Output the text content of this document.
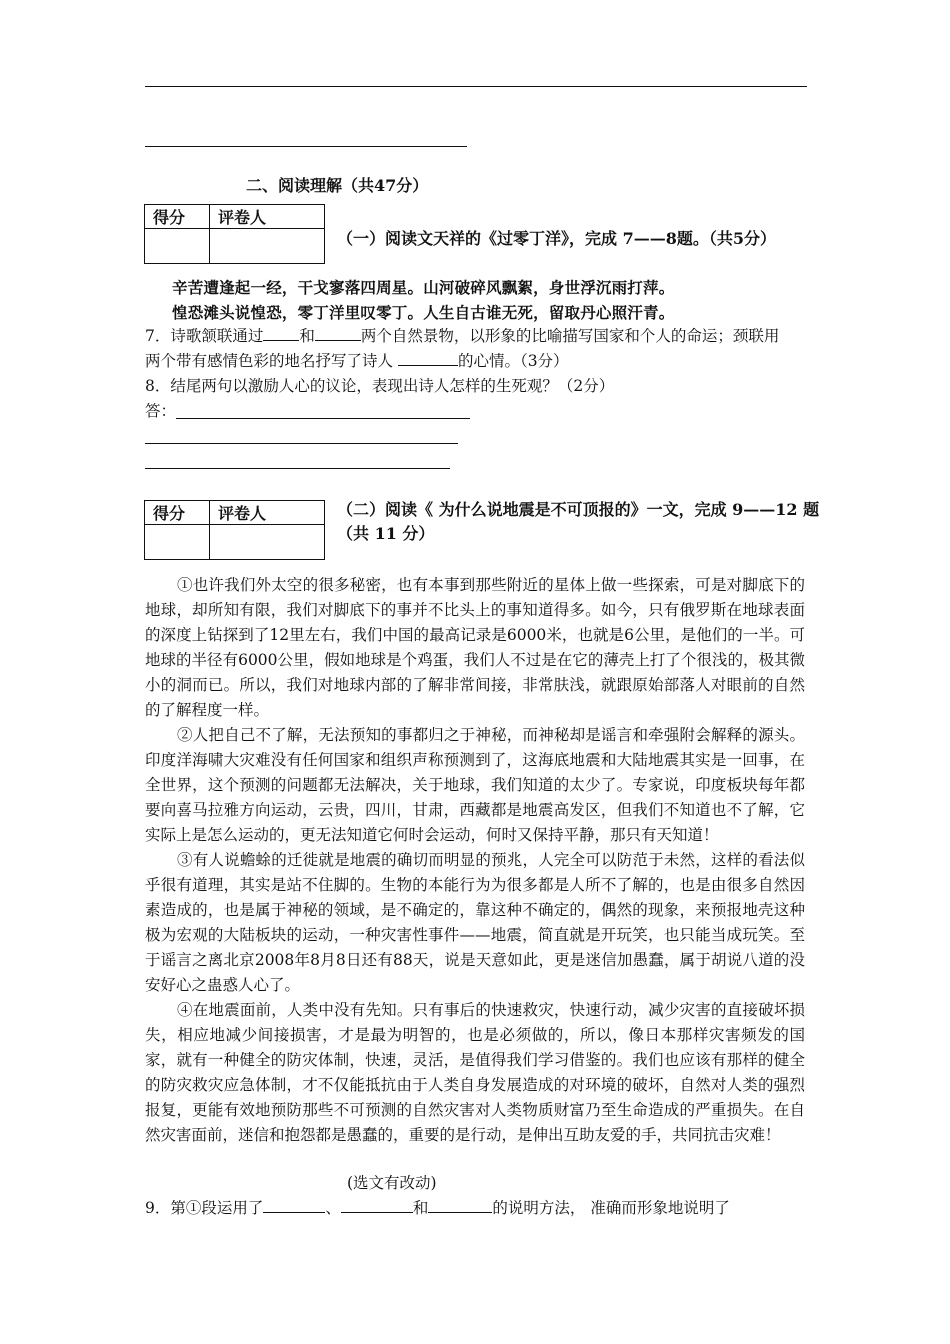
二、阅读理解（共47分）
得分	评卷人

（一）阅读文天祥的《过零丁洋》，完成 7——8题。（共5分）
辛苦遭逢起一经，干戈寥落四周星。山河破碎风飘絮，身世浮沉雨打萍。
惶恐滩头说惶恐，零丁洋里叹零丁。人生自古谁无死，留取丹心照汗青。
7．诗歌颔联通过 和	两个自然景物，以形象的比喻描写国家和个人的命运；颈联用
两个带有感情色彩的地名抒写了诗人	的心情。（3分）
8．结尾两句以激励人心的议论，表现出诗人怎样的生死观？（2分）
答：
得分	评卷人
		（二）阅读《 为什么说地震是不可顶报的》一文，完成 9——12 题
（共 11 分）

①也许我们外太空的很多秘密，也有本事到那些附近的星体上做一些探索，可是对脚底下的地球，却所知有限，我们对脚底下的事并不比头上的事知道得多。如今，只有俄罗斯在地球表面的深度上钻探到了12里左右，我们中国的最高记录是6000米，也就是6公里，是他们的一半。可地球的半径有6000公里，假如地球是个鸡蛋，我们人不过是在它的薄壳上打了个很浅的，极其微小的洞而已。所以，我们对地球内部的了解非常间接，非常肤浅，就跟原始部落人对眼前的自然的了解程度一样。

②人把自己不了解，无法预知的事都归之于神秘，而神秘却是谣言和牵强附会解释的源头。印度洋海啸大灾难没有任何国家和组织声称预测到了，这海底地震和大陆地震其实是一回事，在全世界，这个预测的问题都无法解决，关于地球，我们知道的太少了。专家说，印度板块每年都要向喜马拉雅方向运动，云贵，四川，甘肃，西藏都是地震高发区，但我们不知道也不了解，它实际上是怎么运动的，更无法知道它何时会运动，何时又保持平静，那只有天知道！

③有人说蟾蜍的迁徙就是地震的确切而明显的预兆，人完全可以防范于未然，这样的看法似乎很有道理，其实是站不住脚的。生物的本能行为为很多都是人所不了解的，也是由很多自然因素造成的，也是属于神秘的领域，是不确定的，靠这种不确定的，偶然的现象，来预报地壳这种极为宏观的大陆板块的运动，一种灾害性事件——地震，简直就是开玩笑，也只能当成玩笑。至于谣言之离北京2008年8月8日还有88天，说是天意如此，更是迷信加愚蠢，属于胡说八道的没安好心之蛊惑人心了。

④在地震面前，人类中没有先知。只有事后的快速救灾，快速行动，减少灾害的直接破坏损失，相应地减少间接损害，才是最为明智的，也是必须做的，所以，像日本那样灾害频发的国家，就有一种健全的防灾体制，快速，灵活，是值得我们学习借鉴的。我们也应该有那样的健全的防灾救灾应急体制，才不仅能抵抗由于人类自身发展造成的对环境的破坏，自然对人类的强烈报复，更能有效地预防那些不可预测的自然灾害对人类物质财富乃至生命造成的严重损失。在自然灾害面前，迷信和抱怨都是愚蠢的，重要的是行动，是伸出互助友爱的手，共同抗击灾难！

(选文有改动)
9．第①段运用了	、	和	的说明方法， 准确而形象地说明了
